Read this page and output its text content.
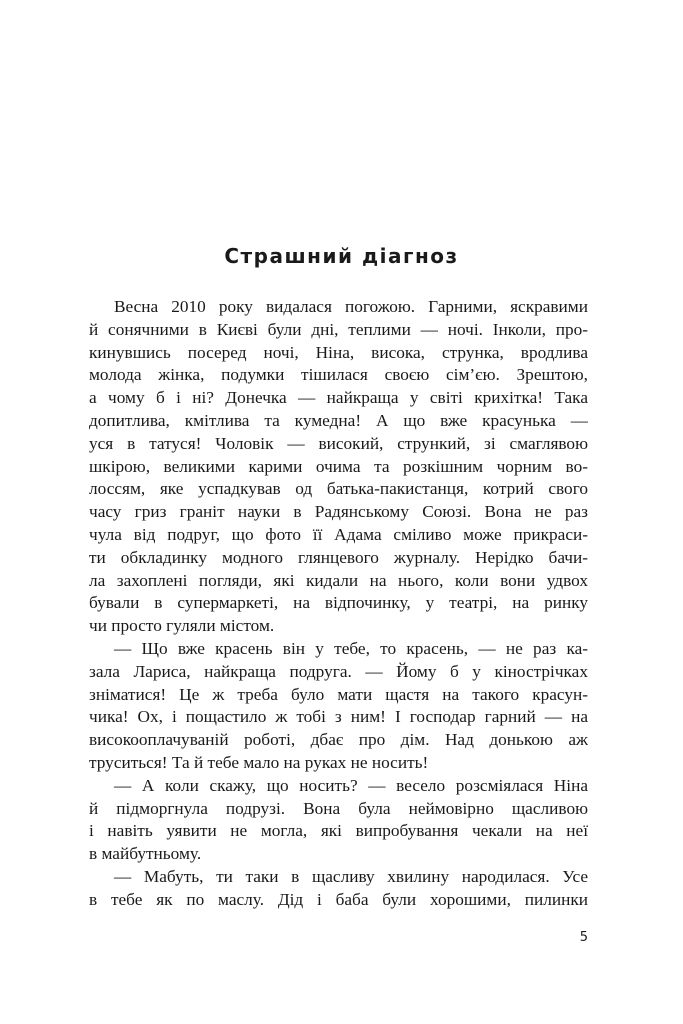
Страшний діагноз
Весна 2010 року видалася погожою. Гарними, яскравими
й сонячними в Києві були дні, теплими — ночі. Інколи, про-
кинувшись посеред ночі, Ніна, висока, струнка, вродлива
молода жінка, подумки тішилася своєю сім’єю. Зрештою,
а чому б і ні? Донечка — найкраща у світі крихітка! Така
допитлива, кмітлива та кумедна! А що вже красунька —
уся в татуся! Чоловік — високий, стрункий, зі смаглявою
шкірою, великими карими очима та розкішним чорним во-
лоссям, яке успадкував од батька-пакистанця, котрий свого
часу гриз граніт науки в Радянському Союзі. Вона не раз
чула від подруг, що фото її Адама сміливо може прикраси-
ти обкладинку модного глянцевого журналу. Нерідко бачи-
ла захоплені погляди, які кидали на нього, коли вони удвох
бували в супермаркеті, на відпочинку, у театрі, на ринку
чи просто гуляли містом.
— Що вже красень він у тебе, то красень, — не раз ка-
зала Лариса, найкраща подруга. — Йому б у кінострічках
зніматися! Це ж треба було мати щастя на такого красун-
чика! Ох, і пощастило ж тобі з ним! І господар гарний — на
високооплачуваній роботі, дбає про дім. Над донькою аж
труситься! Та й тебе мало на руках не носить!
— А коли скажу, що носить? — весело розсміялася Ніна
й підморгнула подрузі. Вона була неймовірно щасливою
і навіть уявити не могла, які випробування чекали на неї
в майбутньому.
— Мабуть, ти таки в щасливу хвилину народилася. Усе
в тебе як по маслу. Дід і баба були хорошими, пилинки
5
